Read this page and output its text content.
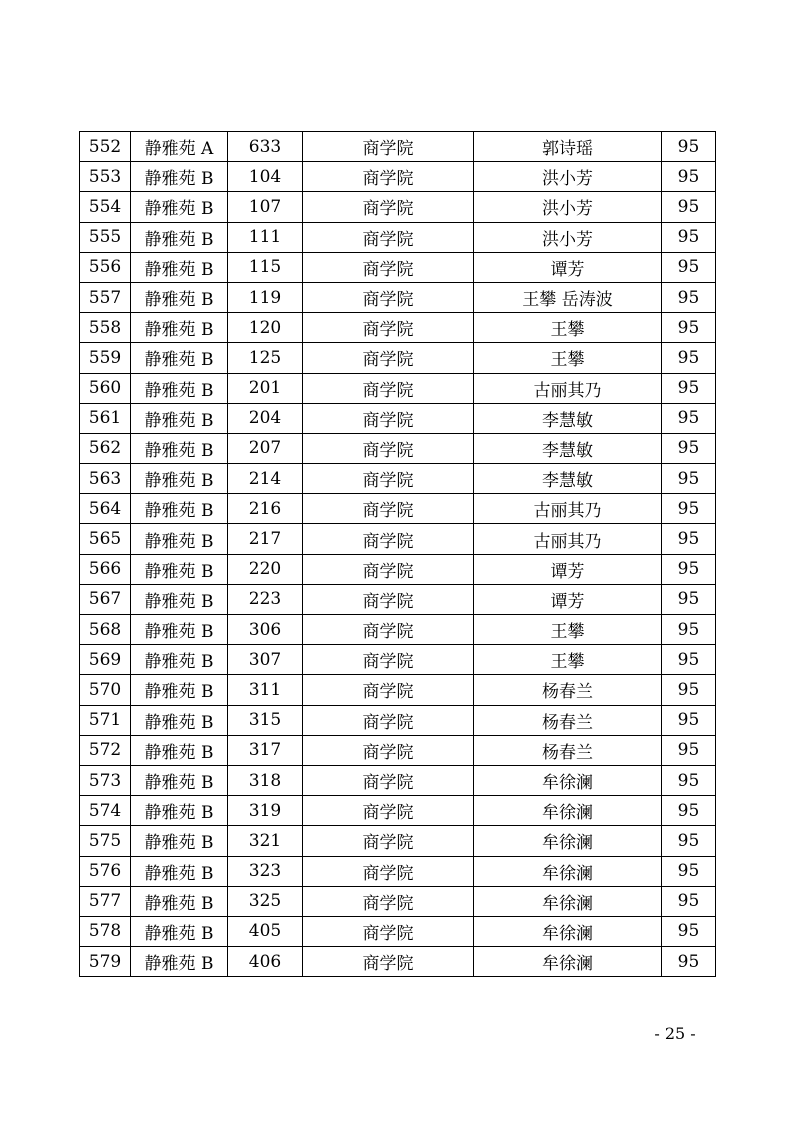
552	静雅苑 A	633	商学院	郭诗瑶	95
553	静雅苑 B	104	商学院	洪小芳	95
554	静雅苑 B	107	商学院	洪小芳	95
555	静雅苑 B	111	商学院	洪小芳	95
556	静雅苑 B	115	商学院	谭芳	95
557	静雅苑 B	119	商学院	王攀 岳涛波	95
558	静雅苑 B	120	商学院	王攀	95
559	静雅苑 B	125	商学院	王攀	95
560	静雅苑 B	201	商学院	古丽其乃	95
561	静雅苑 B	204	商学院	李慧敏	95
562	静雅苑 B	207	商学院	李慧敏	95
563	静雅苑 B	214	商学院	李慧敏	95
564	静雅苑 B	216	商学院	古丽其乃	95
565	静雅苑 B	217	商学院	古丽其乃	95
566	静雅苑 B	220	商学院	谭芳	95
567	静雅苑 B	223	商学院	谭芳	95
568	静雅苑 B	306	商学院	王攀	95
569	静雅苑 B	307	商学院	王攀	95
570	静雅苑 B	311	商学院	杨春兰	95
571	静雅苑 B	315	商学院	杨春兰	95
572	静雅苑 B	317	商学院	杨春兰	95
573	静雅苑 B	318	商学院	牟徐澜	95
574	静雅苑 B	319	商学院	牟徐澜	95
575	静雅苑 B	321	商学院	牟徐澜	95
576	静雅苑 B	323	商学院	牟徐澜	95
577	静雅苑 B	325	商学院	牟徐澜	95
578	静雅苑 B	405	商学院	牟徐澜	95
579	静雅苑 B	406	商学院	牟徐澜	95
- 25 -
